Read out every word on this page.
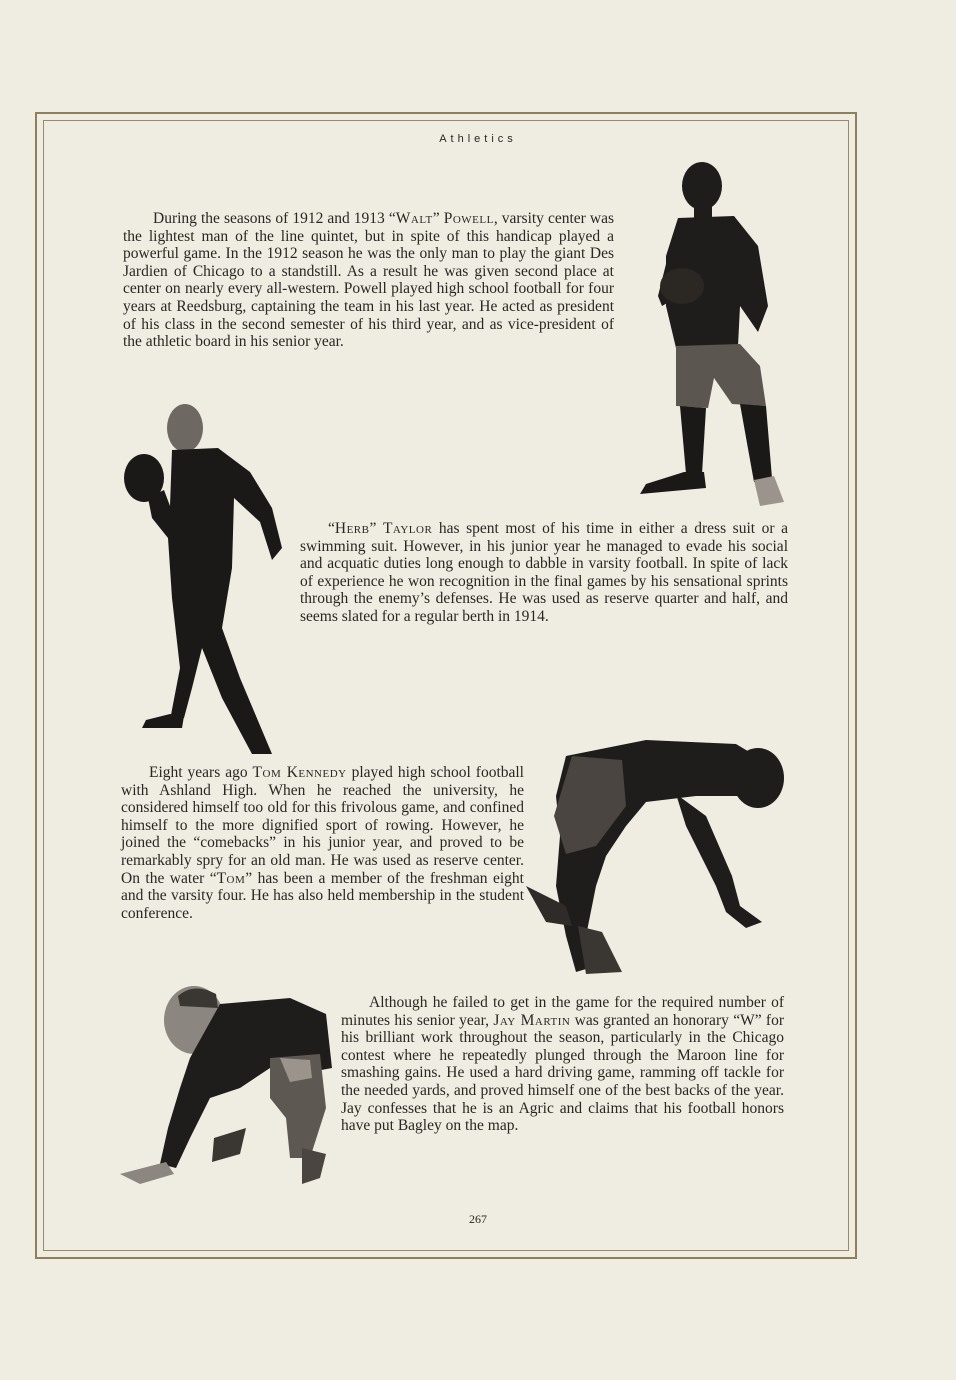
Athletics

During the seasons of 1912 and 1913 “Walt” Powell, varsity center was the lightest man of the line quintet, but in spite of this handicap played a powerful game. In the 1912 season he was the only man to play the giant Des Jardien of Chicago to a standstill. As a result he was given second place at center on nearly every all-western. Powell played high school football for four years at Reedsburg, captaining the team in his last year. He acted as president of his class in the second semester of his third year, and as vice-president of the athletic board in his senior year.

“Herb” Taylor has spent most of his time in either a dress suit or a swimming suit. However, in his junior year he managed to evade his social and acquatic duties long enough to dabble in varsity football. In spite of lack of experience he won recognition in the final games by his sensational sprints through the enemy’s defenses. He was used as reserve quarter and half, and seems slated for a regular berth in 1914.

Eight years ago Tom Kennedy played high school football with Ashland High. When he reached the university, he considered himself too old for this frivolous game, and confined himself to the more dignified sport of rowing. However, he joined the “comebacks” in his junior year, and proved to be remarkably spry for an old man. He was used as reserve center. On the water “Tom” has been a member of the freshman eight and the varsity four. He has also held membership in the student conference.

Although he failed to get in the game for the required number of minutes his senior year, Jay Martin was granted an honorary “W” for his brilliant work throughout the season, particularly in the Chicago contest where he repeatedly plunged through the Maroon line for smashing gains. He used a hard driving game, ramming off tackle for the needed yards, and proved himself one of the best backs of the year. Jay confesses that he is an Agric and claims that his football honors have put Bagley on the map.

267
